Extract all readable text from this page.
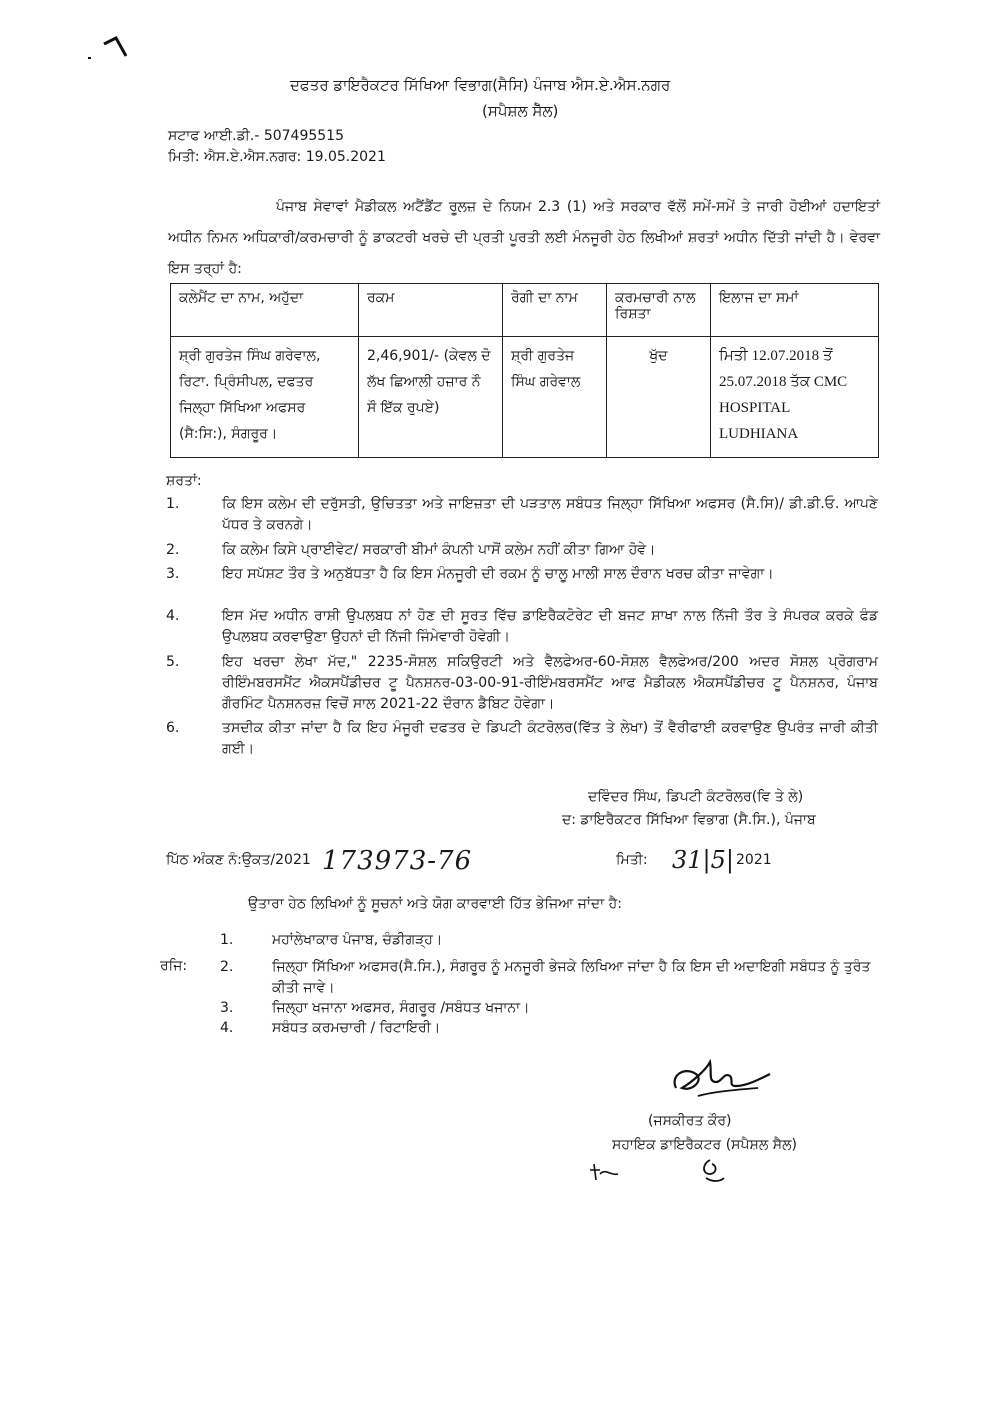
ਦਫਤਰ ਡਾਇਰੈਕਟਰ ਸਿੱਖਿਆ ਵਿਭਾਗ(ਸੈਸਿ) ਪੰਜਾਬ ਐਸ.ਏ.ਐਸ.ਨਗਰ
(ਸਪੈਸ਼ਲ ਸੈੱਲ)
ਸਟਾਫ ਆਈ.ਡੀ.- 507495515
ਮਿਤੀ: ਐਸ.ਏ.ਐਸ.ਨਗਰ: 19.05.2021
ਪੰਜਾਬ ਸੇਵਾਵਾਂ ਮੈਡੀਕਲ ਅਟੈਂਡੈਂਟ ਰੂਲਜ਼ ਦੇ ਨਿਯਮ 2.3 (1) ਅਤੇ ਸਰਕਾਰ ਵੱਲੋਂ ਸਮੇਂ-ਸਮੇਂ ਤੇ ਜਾਰੀ ਹੋਈਆਂ ਹਦਾਇਤਾਂ ਅਧੀਨ ਨਿਮਨ ਅਧਿਕਾਰੀ/ਕਰਮਚਾਰੀ ਨੂੰ ਡਾਕਟਰੀ ਖਰਚੇ ਦੀ ਪ੍ਰਤੀ ਪੂਰਤੀ ਲਈ ਮੰਨਜੂਰੀ ਹੇਠ ਲਿਖੀਆਂ ਸ਼ਰਤਾਂ ਅਧੀਨ ਦਿੱਤੀ ਜਾਂਦੀ ਹੈ। ਵੇਰਵਾ ਇਸ ਤਰ੍ਹਾਂ ਹੈ:
ਕਲੇਮੈਂਟ ਦਾ ਨਾਮ, ਅਹੁੱਦਾ	ਰਕਮ	ਰੋਗੀ ਦਾ ਨਾਮ	ਕਰਮਚਾਰੀ ਨਾਲ ਰਿਸ਼ਤਾ	ਇਲਾਜ ਦਾ ਸਮਾਂ
ਸ਼੍ਰੀ ਗੁਰਤੇਜ ਸਿੰਘ ਗਰੇਵਾਲ, ਰਿਟਾ. ਪ੍ਰਿੰਸੀਪਲ, ਦਫਤਰ ਜਿਲ੍ਹਾ ਸਿੱਖਿਆ ਅਫਸਰ (ਸੈ:ਸਿ:), ਸੰਗਰੂਰ।	2,46,901/- (ਕੇਵਲ ਦੋ ਲੱਖ ਛਿਆਲੀ ਹਜ਼ਾਰ ਨੌ ਸੌ ਇੱਕ ਰੁਪਏ)	ਸ਼੍ਰੀ ਗੁਰਤੇਜ ਸਿੰਘ ਗਰੇਵਾਲ	ਖੁੱਦ	ਮਿਤੀ 12.07.2018 ਤੋਂ 25.07.2018 ਤੱਕ CMC HOSPITAL LUDHIANA
ਸ਼ਰਤਾਂ:
1.	ਕਿ ਇਸ ਕਲੇਮ ਦੀ ਦਰੁੱਸਤੀ, ਉਚਿਤਤਾ ਅਤੇ ਜਾਇਜ਼ਤਾ ਦੀ ਪੜਤਾਲ ਸਬੰਧਤ ਜਿਲ੍ਹਾ ਸਿੱਖਿਆ ਅਫਸਰ (ਸੈ.ਸਿ)/ ਡੀ.ਡੀ.ਓ. ਆਪਣੇ ਪੱਧਰ ਤੇ ਕਰਨਗੇ।
2.	ਕਿ ਕਲੇਮ ਕਿਸੇ ਪ੍ਰਾਈਵੇਟ/ ਸਰਕਾਰੀ ਬੀਮਾਂ ਕੰਪਨੀ ਪਾਸੋਂ ਕਲੇਮ ਨਹੀਂ ਕੀਤਾ ਗਿਆ ਹੋਵੇ।
3.	ਇਹ ਸਪੱਸ਼ਟ ਤੌਰ ਤੇ ਅਨੁਬੱਧਤਾ ਹੈ ਕਿ ਇਸ ਮੰਨਜੂਰੀ ਦੀ ਰਕਮ ਨੂੰ ਚਾਲੂ ਮਾਲੀ ਸਾਲ ਦੌਰਾਨ ਖਰਚ ਕੀਤਾ ਜਾਵੇਗਾ।
4.	ਇਸ ਮੱਦ ਅਧੀਨ ਰਾਸ਼ੀ ਉਪਲਬਧ ਨਾਂ ਹੋਣ ਦੀ ਸੂਰਤ ਵਿੱਚ ਡਾਇਰੈਕਟੋਰੇਟ ਦੀ ਬਜਟ ਸ਼ਾਖਾ ਨਾਲ ਨਿੱਜੀ ਤੌਰ ਤੇ ਸੰਪਰਕ ਕਰਕੇ ਫੰਡ ਉਪਲਬਧ ਕਰਵਾਉਣਾ ਉਹਨਾਂ ਦੀ ਨਿੱਜੀ ਜਿੰਮੇਵਾਰੀ ਹੋਵੇਗੀ।
5.	ਇਹ ਖਰਚਾ ਲੇਖਾ ਮੱਦ," 2235-ਸੋਸ਼ਲ ਸਕਿਉਰਟੀ ਅਤੇ ਵੈਲਫੇਅਰ-60-ਸੋਸ਼ਲ ਵੈਲਫੇਅਰ/200 ਅਦਰ ਸੋਸ਼ਲ ਪ੍ਰੋਗਰਾਮ ਰੀਇੰਮਬਰਸਮੈਂਟ ਐਕਸਪੈਂਡੀਚਰ ਟੂ ਪੈਨਸ਼ਨਰ-03-00-91-ਰੀਇੰਮਬਰਸਮੈਂਟ ਆਫ ਮੈਡੀਕਲ ਐਕਸਪੈਂਡੀਚਰ ਟੂ ਪੈਨਸ਼ਨਰ, ਪੰਜਾਬ ਗੌਰਮਿੰਟ ਪੈਨਸ਼ਨਰਜ਼ ਵਿਚੋਂ ਸਾਲ 2021-22 ਦੌਰਾਨ ਡੈਬਿਟ ਹੋਵੇਗਾ।
6.	ਤਸਦੀਕ ਕੀਤਾ ਜਾਂਦਾ ਹੈ ਕਿ ਇਹ ਮੰਜੂਰੀ ਦਫਤਰ ਦੇ ਡਿਪਟੀ ਕੰਟਰੋਲਰ(ਵਿੱਤ ਤੇ ਲੇਖਾ) ਤੋਂ ਵੈਰੀਫਾਈ ਕਰਵਾਉਣ ਉਪਰੰਤ ਜਾਰੀ ਕੀਤੀ ਗਈ।
ਦਵਿੰਦਰ ਸਿੰਘ, ਡਿਪਟੀ ਕੰਟਰੋਲਰ(ਵਿ ਤੇ ਲੇ)
ਦ: ਡਾਇਰੈਕਟਰ ਸਿੱਖਿਆ ਵਿਭਾਗ (ਸੈ.ਸਿ.), ਪੰਜਾਬ
ਪਿੱਠ ਅੰਕਣ ਨੰ:ਉਕਤ/2021 173973-76	ਮਿਤੀ: 31|5| 2021
ਉਤਾਰਾ ਹੇਠ ਲਿਖਿਆਂ ਨੂੰ ਸੂਚਨਾਂ ਅਤੇ ਯੋਗ ਕਾਰਵਾਈ ਹਿੱਤ ਭੇਜਿਆ ਜਾਂਦਾ ਹੈ:
ਰਜਿ:
1.	ਮਹਾਂਲੇਖਾਕਾਰ ਪੰਜਾਬ, ਚੰਡੀਗੜ੍ਹ।
2.	ਜਿਲ੍ਹਾ ਸਿੱਖਿਆ ਅਫਸਰ(ਸੈ.ਸਿ.), ਸੰਗਰੂਰ ਨੂੰ ਮਨਜੂਰੀ ਭੇਜਕੇ ਲਿਖਿਆ ਜਾਂਦਾ ਹੈ ਕਿ ਇਸ ਦੀ ਅਦਾਇਗੀ ਸਬੰਧਤ ਨੂੰ ਤੁਰੰਤ ਕੀਤੀ ਜਾਵੇ।
3.	ਜਿਲ੍ਹਾ ਖਜਾਨਾ ਅਫਸਰ, ਸੰਗਰੂਰ /ਸਬੰਧਤ ਖਜਾਨਾ।
4.	ਸਬੰਧਤ ਕਰਮਚਾਰੀ / ਰਿਟਾਇਰੀ।
(ਜਸਕੀਰਤ ਕੌਰ)
ਸਹਾਇਕ ਡਾਇਰੈਕਟਰ (ਸਪੈਸ਼ਲ ਸੈਲ)
